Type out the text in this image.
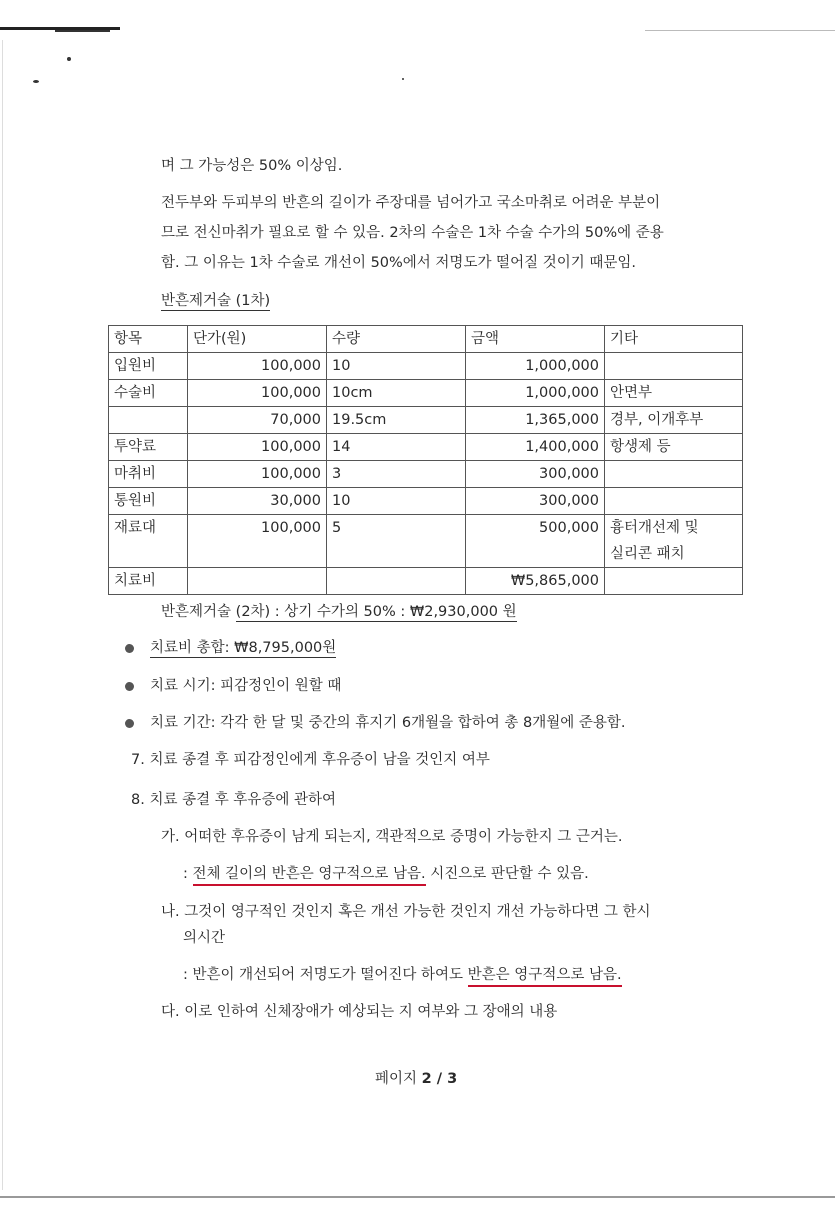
며 그 가능성은 50% 이상임.
전두부와 두피부의 반흔의 길이가 주장대를 넘어가고 국소마취로 어려운 부분이
므로 전신마취가 필요로 할 수 있음. 2차의 수술은 1차 수술 수가의 50%에 준용
함. 그 이유는 1차 수술로 개선이 50%에서 저명도가 떨어질 것이기 때문임.
반흔제거술 (1차)
항목	단가(원)	수량	금액	기타
입원비	100,000	10	1,000,000	
수술비	100,000	10cm	1,000,000	안면부
	70,000	19.5cm	1,365,000	경부, 이개후부
투약료	100,000	14	1,400,000	항생제 등
마취비	100,000	3	300,000	
통원비	30,000	10	300,000	
재료대	100,000	5	500,000	흉터개선제 및
				실리콘 패치
치료비			₩5,865,000	
반흔제거술 (2차) : 상기 수가의 50% : ₩2,930,000 원
치료비 총합: ₩8,795,000원
치료 시기: 피감정인이 원할 때
치료 기간: 각각 한 달 및 중간의 휴지기 6개월을 합하여 총 8개월에 준용함.
7. 치료 종결 후 피감정인에게 후유증이 남을 것인지 여부
8. 치료 종결 후 후유증에 관하여
가. 어떠한 후유증이 남게 되는지, 객관적으로 증명이 가능한지 그 근거는.
: 전체 길이의 반흔은 영구적으로 남음. 시진으로 판단할 수 있음.
나. 그것이 영구적인 것인지 혹은 개선 가능한 것인지 개선 가능하다면 그 한시
의시간
: 반흔이 개선되어 저명도가 떨어진다 하여도 반흔은 영구적으로 남음.
다. 이로 인하여 신체장애가 예상되는 지 여부와 그 장애의 내용
페이지 2 / 3
